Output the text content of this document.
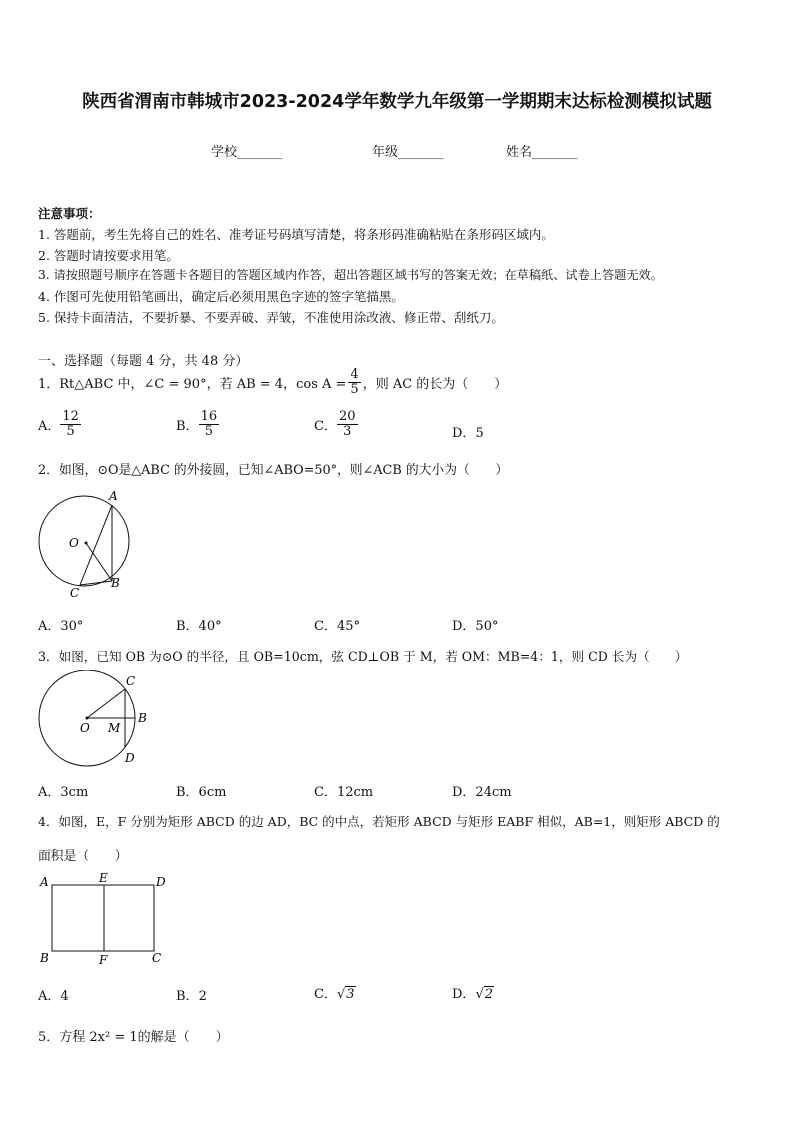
陕西省渭南市韩城市2023-2024学年数学九年级第一学期期末达标检测模拟试题
学校_______	年级_______	姓名_______
注意事项：
1. 答题前，考生先将自己的姓名、准考证号码填写清楚，将条形码准确粘贴在条形码区域内。
2. 答题时请按要求用笔。
3. 请按照题号顺序在答题卡各题目的答题区域内作答，超出答题区域书写的答案无效；在草稿纸、试卷上答题无效。
4. 作图可先使用铅笔画出，确定后必须用黑色字迹的签字笔描黑。
5. 保持卡面清洁，不要折暴、不要弄破、弄皱，不准使用涂改液、修正带、刮纸刀。
一、选择题（每题 4 分，共 48 分）
1．Rt△ABC 中，∠C = 90°，若 AB = 4，$\cos A = \frac{4}{5}$ ，则 AC 的长为（　　）
A． $\frac{12}{5}$	B． $\frac{16}{5}$	C． $\frac{20}{3}$	D．5
2．如图，⊙O是△ABC 的外接圆，已知∠ABO=50°，则∠ACB 的大小为（　　）
A
O
B
C
A．30°	B．40°	C．45°	D．50°
3．如图，已知 OB 为⊙O 的半径，且 OB=10cm，弦 CD⊥OB 于 M，若 OM：MB=4：1，则 CD 长为（　　）
C
O M
B
D
A．3cm	B．6cm	C．12cm	D．24cm
4．如图，E，F 分别为矩形 ABCD 的边 AD，BC 的中点，若矩形 ABCD 与矩形 EABF 相似，AB=1，则矩形 ABCD 的
面积是（　　）
A	E	D
B	F	C
A．4	B．2	C．√3	D．√2
5．方程 2x² = 1的解是（　　）
